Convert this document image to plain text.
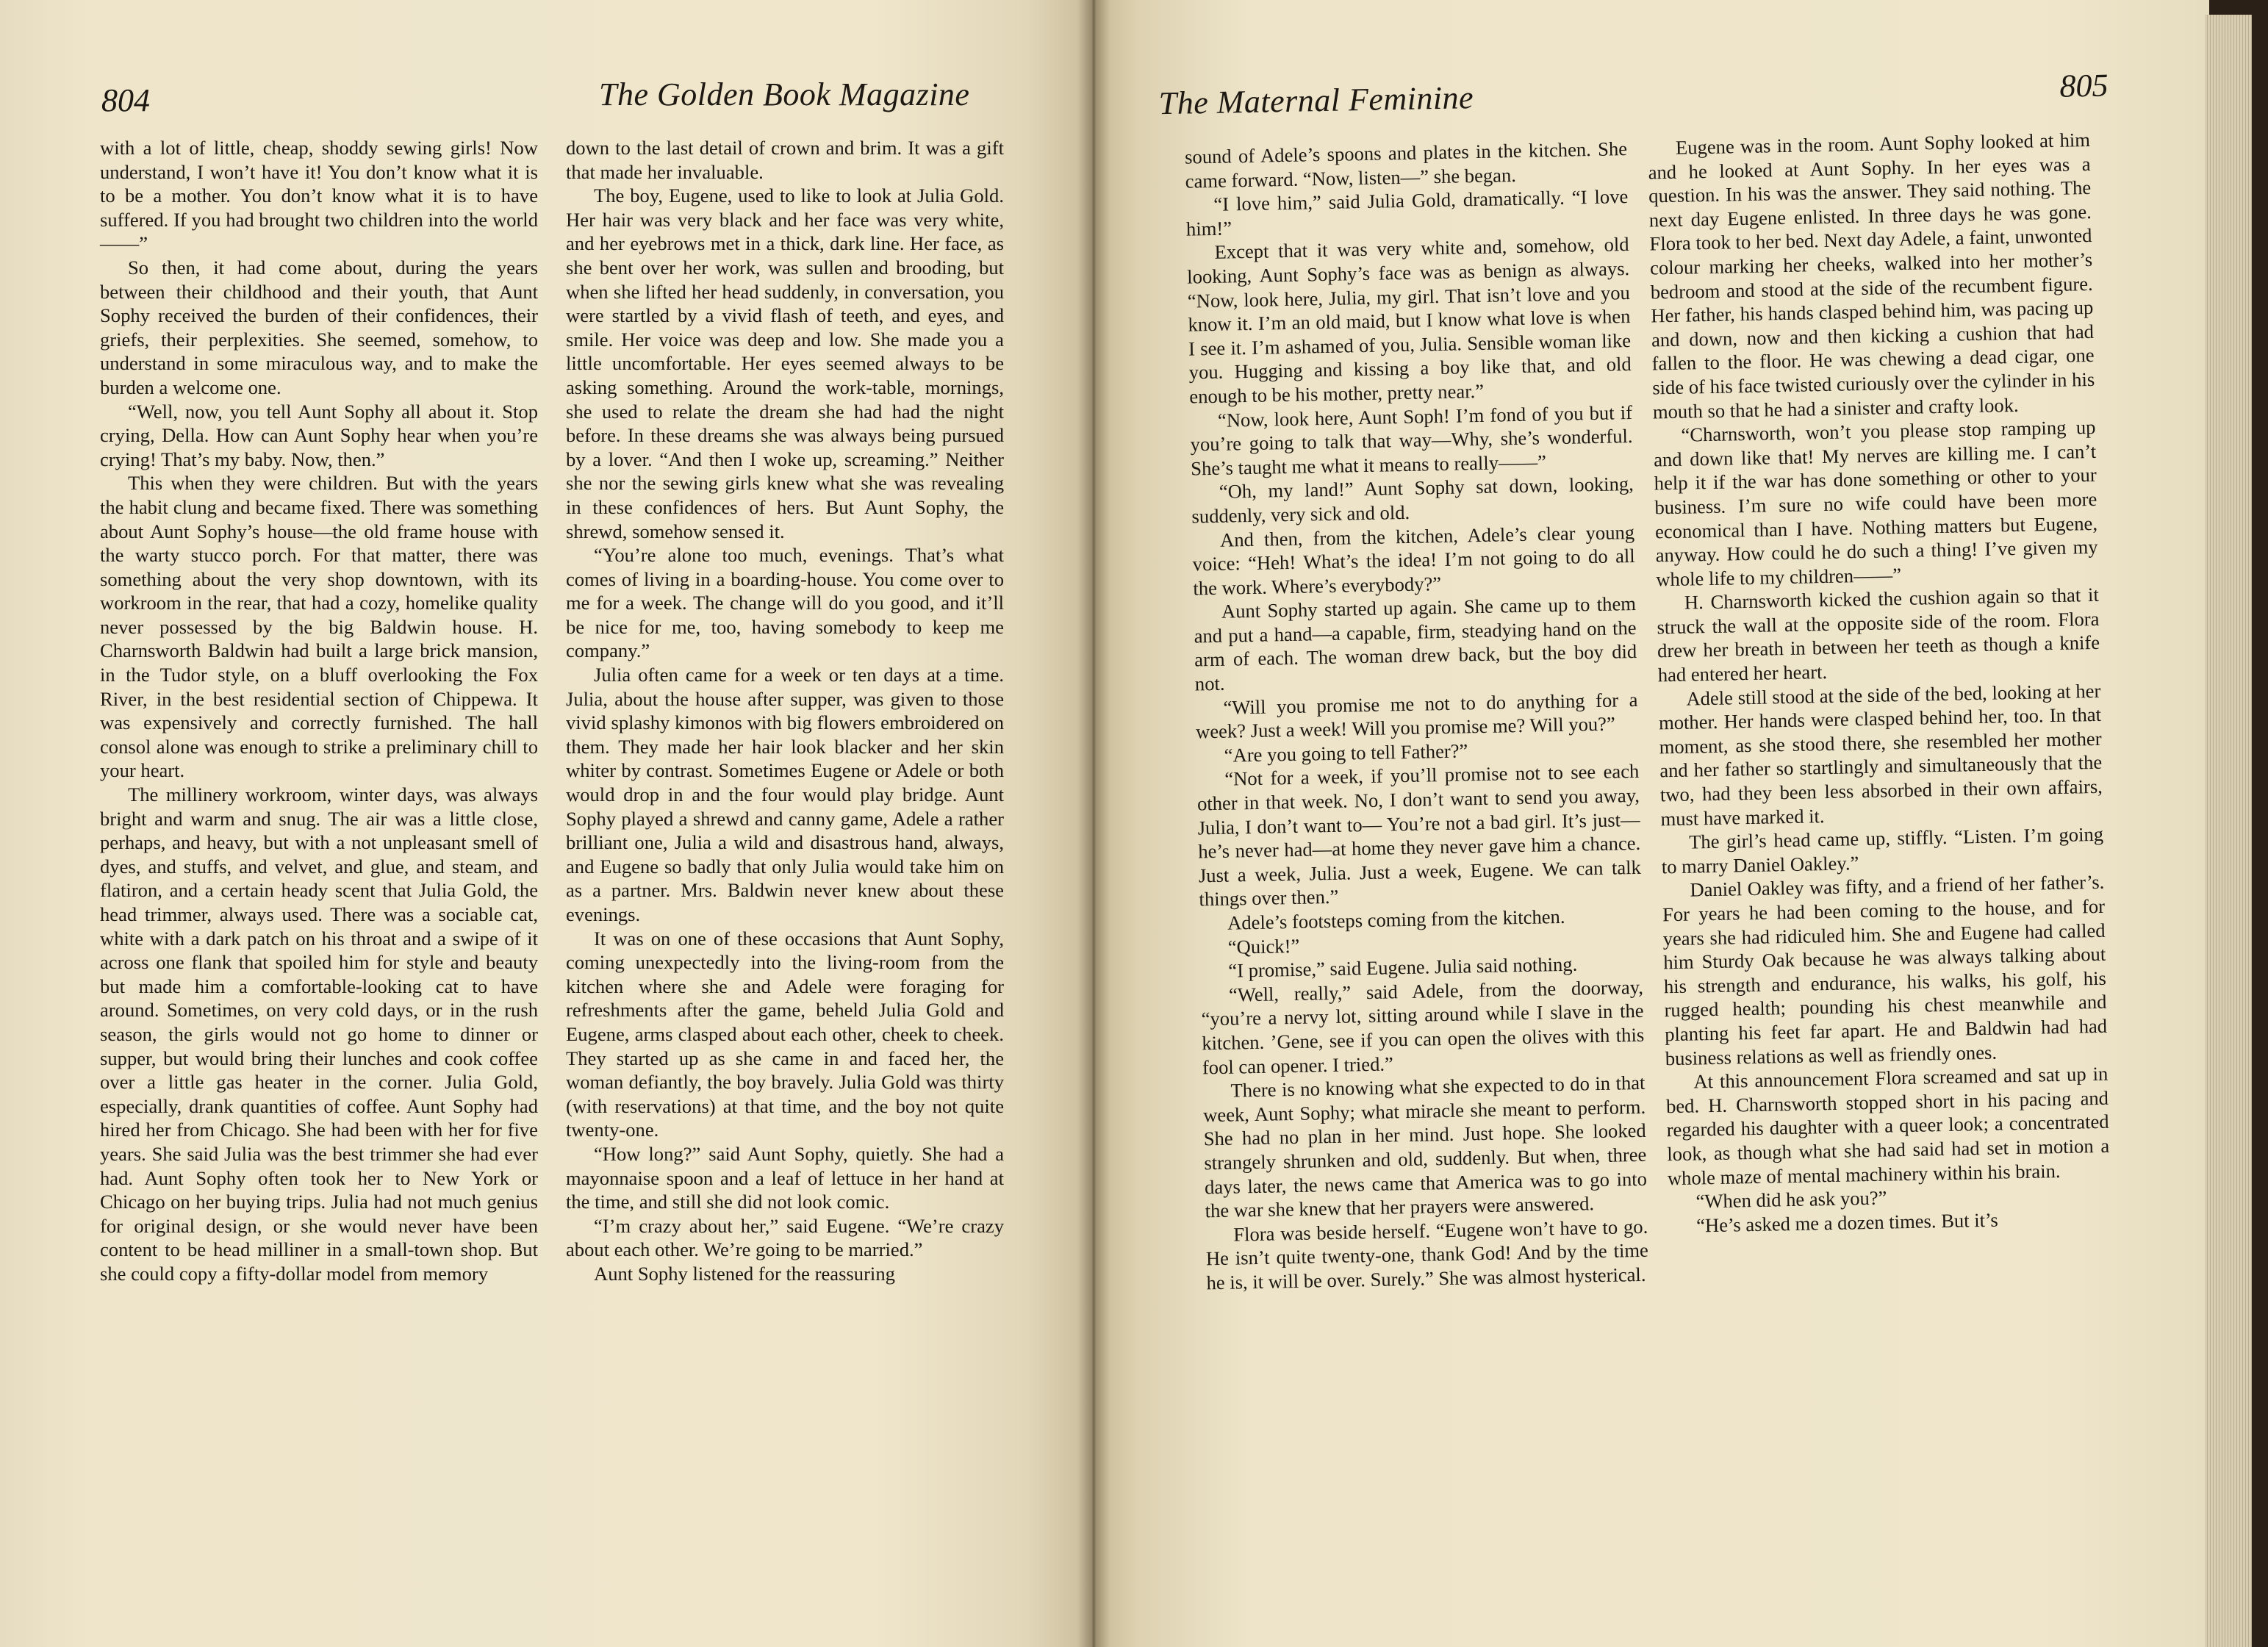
804	The Golden Book Magazine

with a lot of little, cheap, shoddy sewing girls! Now understand, I won’t have it! You don’t know what it is to be a mother. You don’t know what it is to have suffered. If you had brought two children into the world——”

So then, it had come about, during the years between their childhood and their youth, that Aunt Sophy received the burden of their confidences, their griefs, their perplexities. She seemed, somehow, to understand in some miraculous way, and to make the burden a welcome one.

“Well, now, you tell Aunt Sophy all about it. Stop crying, Della. How can Aunt Sophy hear when you’re crying! That’s my baby. Now, then.”

This when they were children. But with the years the habit clung and became fixed. There was something about Aunt Sophy’s house—the old frame house with the warty stucco porch. For that matter, there was something about the very shop downtown, with its workroom in the rear, that had a cozy, homelike quality never possessed by the big Baldwin house. H. Charnsworth Baldwin had built a large brick mansion, in the Tudor style, on a bluff overlooking the Fox River, in the best residential section of Chippewa. It was expensively and correctly furnished. The hall consol alone was enough to strike a preliminary chill to your heart.

The millinery workroom, winter days, was always bright and warm and snug. The air was a little close, perhaps, and heavy, but with a not unpleasant smell of dyes, and stuffs, and velvet, and glue, and steam, and flatiron, and a certain heady scent that Julia Gold, the head trimmer, always used. There was a sociable cat, white with a dark patch on his throat and a swipe of it across one flank that spoiled him for style and beauty but made him a comfortable-looking cat to have around. Sometimes, on very cold days, or in the rush season, the girls would not go home to dinner or supper, but would bring their lunches and cook coffee over a little gas heater in the corner. Julia Gold, especially, drank quantities of coffee. Aunt Sophy had hired her from Chicago. She had been with her for five years. She said Julia was the best trimmer she had ever had. Aunt Sophy often took her to New York or Chicago on her buying trips. Julia had not much genius for original design, or she would never have been content to be head milliner in a small-town shop. But she could copy a fifty-dollar model from memory

down to the last detail of crown and brim. It was a gift that made her invaluable.

The boy, Eugene, used to like to look at Julia Gold. Her hair was very black and her face was very white, and her eyebrows met in a thick, dark line. Her face, as she bent over her work, was sullen and brooding, but when she lifted her head suddenly, in conversation, you were startled by a vivid flash of teeth, and eyes, and smile. Her voice was deep and low. She made you a little uncomfortable. Her eyes seemed always to be asking something. Around the work-table, mornings, she used to relate the dream she had had the night before. In these dreams she was always being pursued by a lover. “And then I woke up, screaming.” Neither she nor the sewing girls knew what she was revealing in these confidences of hers. But Aunt Sophy, the shrewd, somehow sensed it.

“You’re alone too much, evenings. That’s what comes of living in a boarding-house. You come over to me for a week. The change will do you good, and it’ll be nice for me, too, having somebody to keep me company.”

Julia often came for a week or ten days at a time. Julia, about the house after supper, was given to those vivid splashy kimonos with big flowers embroidered on them. They made her hair look blacker and her skin whiter by contrast. Sometimes Eugene or Adele or both would drop in and the four would play bridge. Aunt Sophy played a shrewd and canny game, Adele a rather brilliant one, Julia a wild and disastrous hand, always, and Eugene so badly that only Julia would take him on as a partner. Mrs. Baldwin never knew about these evenings.

It was on one of these occasions that Aunt Sophy, coming unexpectedly into the living-room from the kitchen where she and Adele were foraging for refreshments after the game, beheld Julia Gold and Eugene, arms clasped about each other, cheek to cheek. They started up as she came in and faced her, the woman defiantly, the boy bravely. Julia Gold was thirty (with reservations) at that time, and the boy not quite twenty-one.

“How long?” said Aunt Sophy, quietly. She had a mayonnaise spoon and a leaf of lettuce in her hand at the time, and still she did not look comic.

“I’m crazy about her,” said Eugene. “We’re crazy about each other. We’re going to be married.”

Aunt Sophy listened for the reassuring

The Maternal Feminine	805

sound of Adele’s spoons and plates in the kitchen. She came forward. “Now, listen—” she began.

“I love him,” said Julia Gold, dramatically. “I love him!”

Except that it was very white and, somehow, old looking, Aunt Sophy’s face was as benign as always. “Now, look here, Julia, my girl. That isn’t love and you know it. I’m an old maid, but I know what love is when I see it. I’m ashamed of you, Julia. Sensible woman like you. Hugging and kissing a boy like that, and old enough to be his mother, pretty near.”

“Now, look here, Aunt Soph! I’m fond of you but if you’re going to talk that way—Why, she’s wonderful. She’s taught me what it means to really——”

“Oh, my land!” Aunt Sophy sat down, looking, suddenly, very sick and old.

And then, from the kitchen, Adele’s clear young voice: “Heh! What’s the idea! I’m not going to do all the work. Where’s everybody?”

Aunt Sophy started up again. She came up to them and put a hand—a capable, firm, steadying hand on the arm of each. The woman drew back, but the boy did not.

“Will you promise me not to do anything for a week? Just a week! Will you promise me? Will you?”

“Are you going to tell Father?”

“Not for a week, if you’ll promise not to see each other in that week. No, I don’t want to send you away, Julia, I don’t want to— You’re not a bad girl. It’s just—he’s never had—at home they never gave him a chance. Just a week, Julia. Just a week, Eugene. We can talk things over then.”

Adele’s footsteps coming from the kitchen.

“Quick!”

“I promise,” said Eugene. Julia said nothing.

“Well, really,” said Adele, from the doorway, “you’re a nervy lot, sitting around while I slave in the kitchen. ’Gene, see if you can open the olives with this fool can opener. I tried.”

There is no knowing what she expected to do in that week, Aunt Sophy; what miracle she meant to perform. She had no plan in her mind. Just hope. She looked strangely shrunken and old, suddenly. But when, three days later, the news came that America was to go into the war she knew that her prayers were answered.

Flora was beside herself. “Eugene won’t have to go. He isn’t quite twenty-one, thank God! And by the time he is, it will be over. Surely.” She was almost hysterical.

Eugene was in the room. Aunt Sophy looked at him and he looked at Aunt Sophy. In her eyes was a question. In his was the answer. They said nothing. The next day Eugene enlisted. In three days he was gone. Flora took to her bed. Next day Adele, a faint, unwonted colour marking her cheeks, walked into her mother’s bedroom and stood at the side of the recumbent figure. Her father, his hands clasped behind him, was pacing up and down, now and then kicking a cushion that had fallen to the floor. He was chewing a dead cigar, one side of his face twisted curiously over the cylinder in his mouth so that he had a sinister and crafty look.

“Charnsworth, won’t you please stop ramping up and down like that! My nerves are killing me. I can’t help it if the war has done something or other to your business. I’m sure no wife could have been more economical than I have. Nothing matters but Eugene, anyway. How could he do such a thing! I’ve given my whole life to my children——”

H. Charnsworth kicked the cushion again so that it struck the wall at the opposite side of the room. Flora drew her breath in between her teeth as though a knife had entered her heart.

Adele still stood at the side of the bed, looking at her mother. Her hands were clasped behind her, too. In that moment, as she stood there, she resembled her mother and her father so startlingly and simultaneously that the two, had they been less absorbed in their own affairs, must have marked it.

The girl’s head came up, stiffly. “Listen. I’m going to marry Daniel Oakley.”

Daniel Oakley was fifty, and a friend of her father’s. For years he had been coming to the house, and for years she had ridiculed him. She and Eugene had called him Sturdy Oak because he was always talking about his strength and endurance, his walks, his golf, his rugged health; pounding his chest meanwhile and planting his feet far apart. He and Baldwin had had business relations as well as friendly ones.

At this announcement Flora screamed and sat up in bed. H. Charnsworth stopped short in his pacing and regarded his daughter with a queer look; a concentrated look, as though what she had said had set in motion a whole maze of mental machinery within his brain.

“When did he ask you?”

“He’s asked me a dozen times. But it’s
